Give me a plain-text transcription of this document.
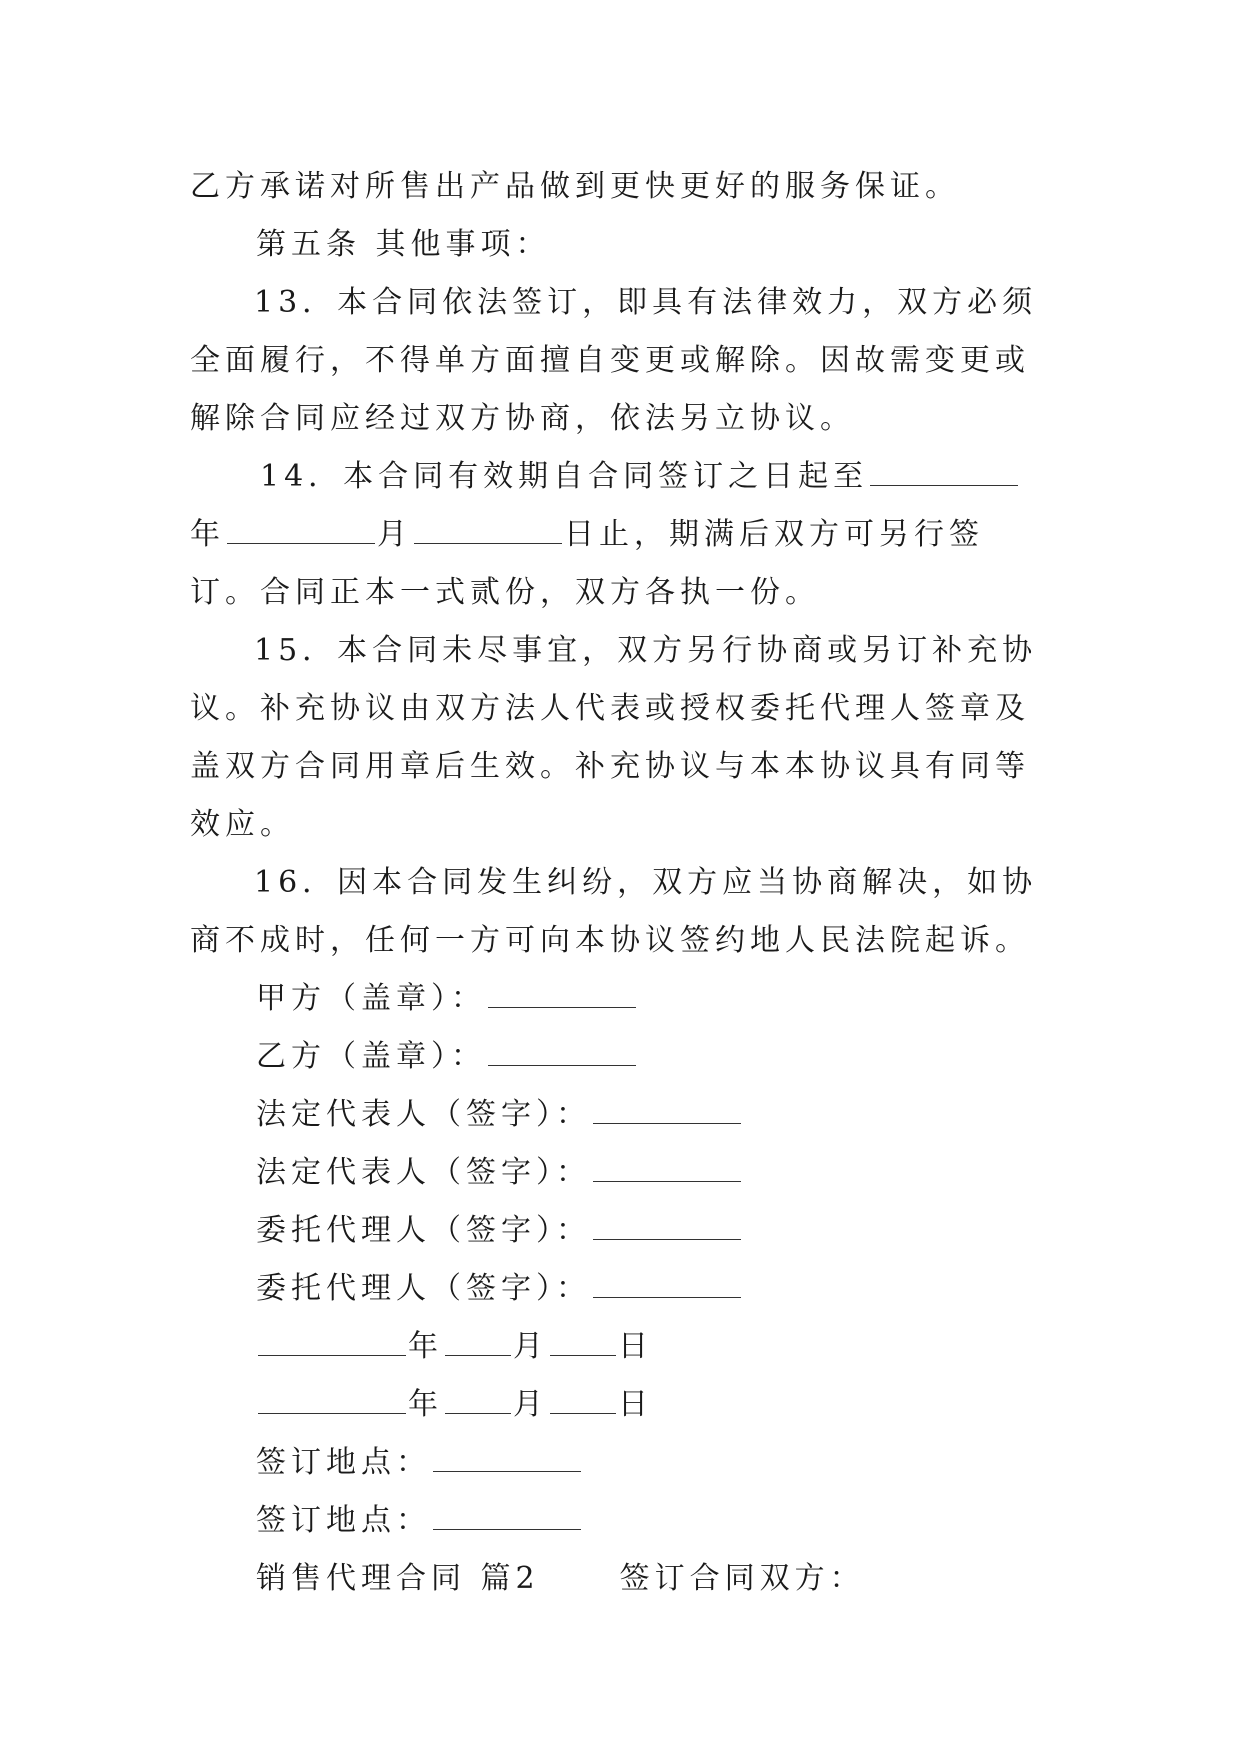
乙方承诺对所售出产品做到更快更好的服务保证。

第五条 其他事项：

13．本合同依法签订，即具有法律效力，双方必须全面履行，不得单方面擅自变更或解除。因故需变更或解除合同应经过双方协商，依法另立协议。

14．本合同有效期自合同签订之日起至年	月	日止，期满后双方可另行签订。合同正本一式贰份，双方各执一份。

15．本合同未尽事宜，双方另行协商或另订补充协议。补充协议由双方法人代表或授权委托代理人签章及盖双方合同用章后生效。补充协议与本本协议具有同等效应。

16．因本合同发生纠纷，双方应当协商解决，如协商不成时，任何一方可向本协议签约地人民法院起诉。

甲方（盖章）：

乙方（盖章）：

法定代表人（签字）：

法定代表人（签字）：

委托代理人（签字）：

委托代理人（签字）：

年 月 日

年 月 日

签订地点：

签订地点：

销售代理合同 篇2	签订合同双方：
